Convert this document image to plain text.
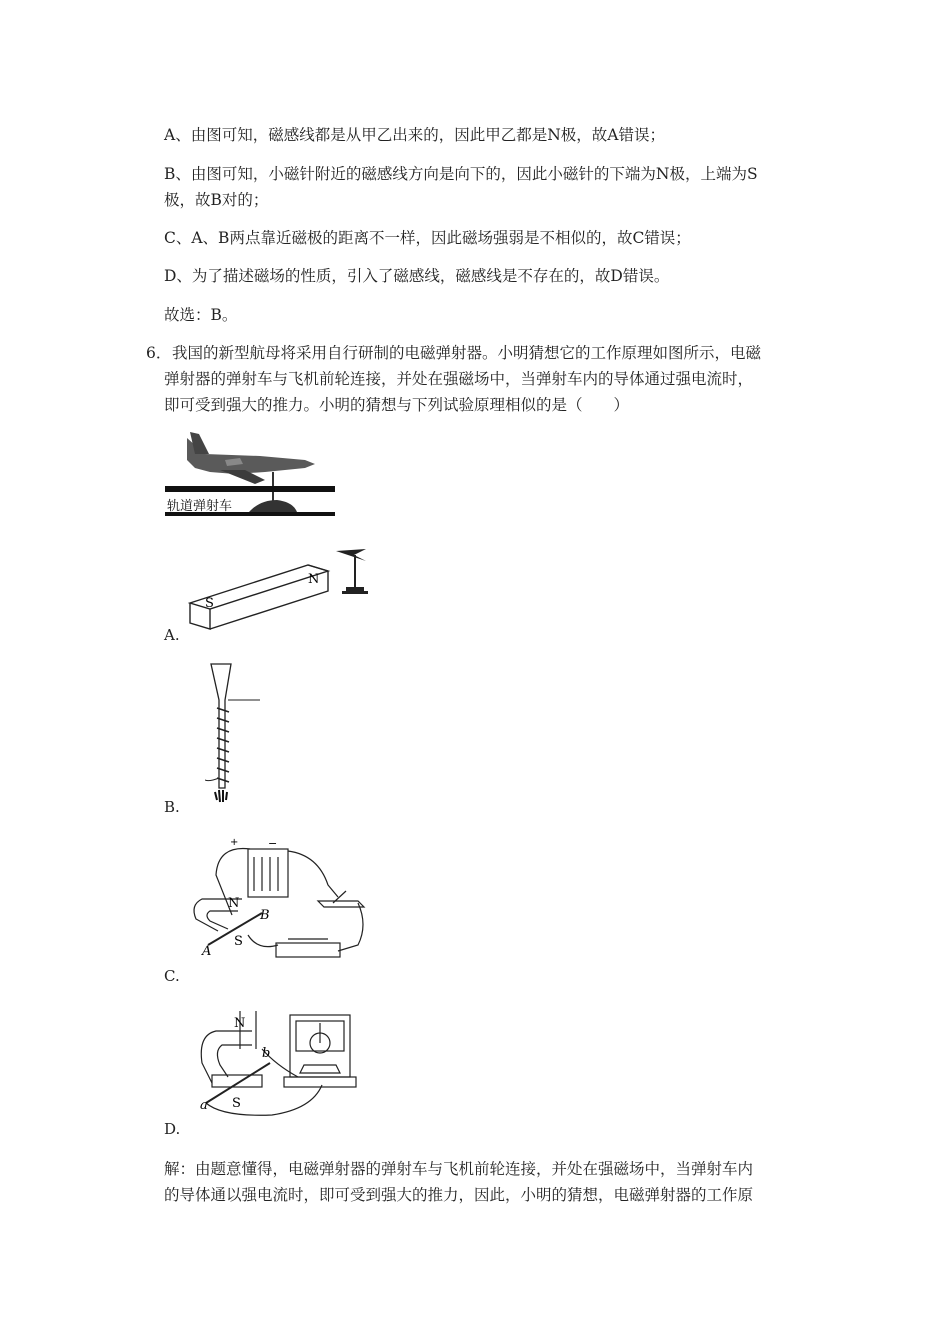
A、由图可知，磁感线都是从甲乙出来的，因此甲乙都是N极，故A错误；
B、由图可知，小磁针附近的磁感线方向是向下的，因此小磁针的下端为N极，上端为S
极，故B对的；
C、A、B两点靠近磁极的距离不一样，因此磁场强弱是不相似的，故C错误；
D、为了描述磁场的性质，引入了磁感线，磁感线是不存在的，故D错误。
故选：B。
6． 我国的新型航母将采用自行研制的电磁弹射器。小明猜想它的工作原理如图所示，电磁
弹射器的弹射车与飞机前轮连接，并处在强磁场中，当弹射车内的导体通过强电流时，
即可受到强大的推力。小明的猜想与下列试验原理相似的是（　　）
轨道弹射车
S
N
A.
B.
+	−
N
S
A
B
C.
N
S
a
b
D.
解：由题意懂得，电磁弹射器的弹射车与飞机前轮连接，并处在强磁场中，当弹射车内
的导体通以强电流时，即可受到强大的推力，因此，小明的猜想，电磁弹射器的工作原
